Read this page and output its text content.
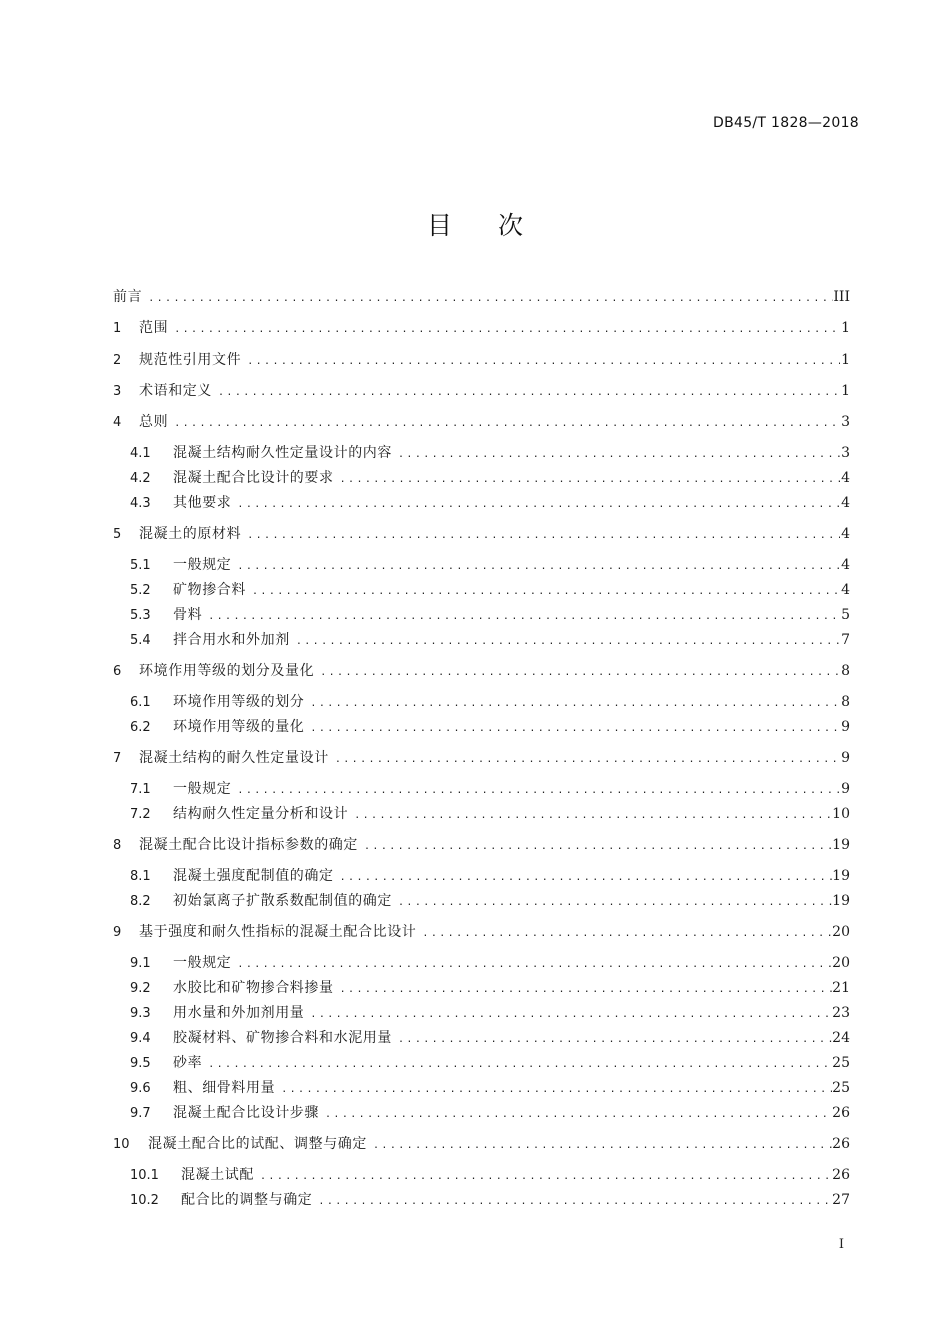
DB45/T 1828—2018
目次
前言 .....	III
1	范围 .....	1
2	规范性引用文件 .....	1
3	术语和定义 .....	1
4	总则 .....	3
4.1	混凝土结构耐久性定量设计的内容 .....	3
4.2	混凝土配合比设计的要求 .....	4
4.3	其他要求 .....	4
5	混凝土的原材料 .....	4
5.1	一般规定 .....	4
5.2	矿物掺合料 .....	4
5.3	骨料 .....	5
5.4	拌合用水和外加剂 .....	7
6	环境作用等级的划分及量化 .....	8
6.1	环境作用等级的划分 .....	8
6.2	环境作用等级的量化 .....	9
7	混凝土结构的耐久性定量设计 .....	9
7.1	一般规定 .....	9
7.2	结构耐久性定量分析和设计 .....	10
8	混凝土配合比设计指标参数的确定 .....	19
8.1	混凝土强度配制值的确定 .....	19
8.2	初始氯离子扩散系数配制值的确定 .....	19
9	基于强度和耐久性指标的混凝土配合比设计 .....	20
9.1	一般规定 .....	20
9.2	水胶比和矿物掺合料掺量 .....	21
9.3	用水量和外加剂用量 .....	23
9.4	胶凝材料、矿物掺合料和水泥用量 .....	24
9.5	砂率 .....	25
9.6	粗、细骨料用量 .....	25
9.7	混凝土配合比设计步骤 .....	26
10	混凝土配合比的试配、调整与确定 .....	26
10.1	混凝土试配 .....	26
10.2	配合比的调整与确定 .....	27
I
